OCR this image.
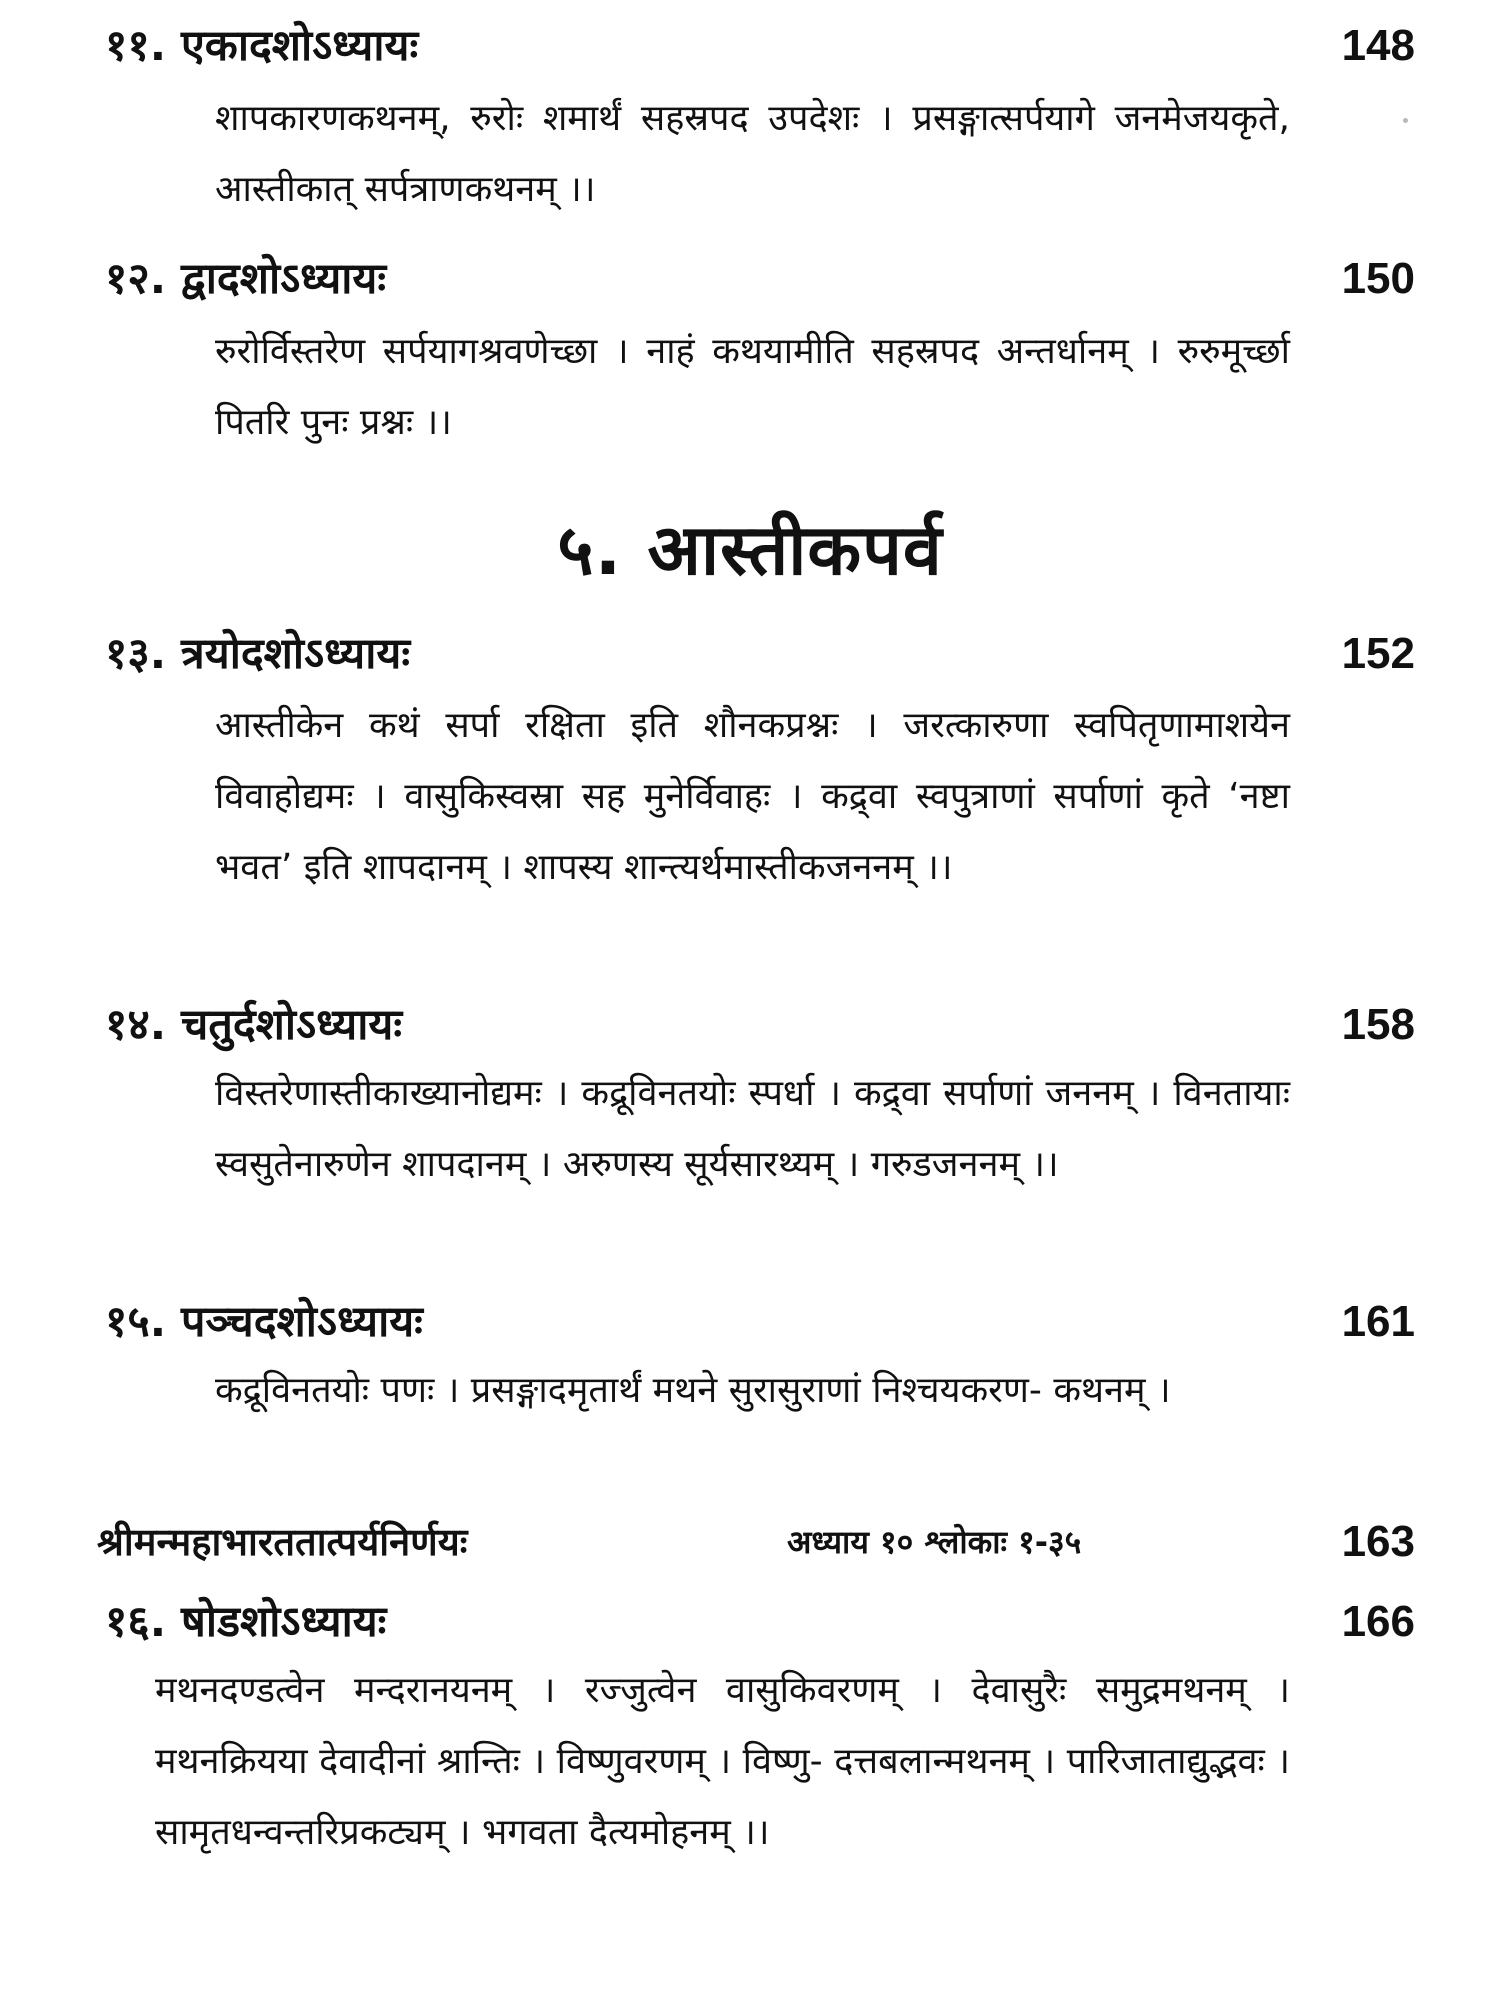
११. एकादशोऽध्यायः	148
शापकारणकथनम्, रुरोः शमार्थं सहस्रपद उपदेशः । प्रसङ्गात्सर्पयागे जनमेजयकृते, आस्तीकात् सर्पत्राणकथनम् ।।
१२. द्वादशोऽध्यायः	150
रुरोर्विस्तरेण सर्पयागश्रवणेच्छा । नाहं कथयामीति सहस्रपद अन्तर्धानम् । रुरुमूर्च्छा पितरि पुनः प्रश्नः ।।
५. आस्तीकपर्व
१३. त्रयोदशोऽध्यायः	152
आस्तीकेन कथं सर्पा रक्षिता इति शौनकप्रश्नः । जरत्कारुणा स्वपितृणामाशयेन विवाहोद्यमः । वासुकिस्वस्रा सह मुनेर्विवाहः । कद्र्वा स्वपुत्राणां सर्पाणां कृते ‘नष्टा भवत’ इति शापदानम् । शापस्य शान्त्यर्थमास्तीकजननम् ।।
१४. चतुर्दशोऽध्यायः	158
विस्तरेणास्तीकाख्यानोद्यमः । कद्रूविनतयोः स्पर्धा । कद्र्वा सर्पाणां जननम् । विनतायाः स्वसुतेनारुणेन शापदानम् । अरुणस्य सूर्यसारथ्यम् । गरुडजननम् ।।
१५. पञ्चदशोऽध्यायः	161
कद्रूविनतयोः पणः । प्रसङ्गादमृतार्थं मथने सुरासुराणां निश्चयकरण- कथनम् ।
श्रीमन्महाभारततात्पर्यनिर्णयः	अध्याय १० श्लोकाः १-३५	163
१६. षोडशोऽध्यायः	166
मथनदण्डत्वेन मन्दरानयनम् । रज्जुत्वेन वासुकिवरणम् । देवासुरैः समुद्रमथनम् । मथनक्रियया देवादीनां श्रान्तिः । विष्णुवरणम् । विष्णु- दत्तबलान्मथनम् । पारिजाताद्युद्भवः । सामृतधन्वन्तरिप्रकट्यम् । भगवता दैत्यमोहनम् ।।
